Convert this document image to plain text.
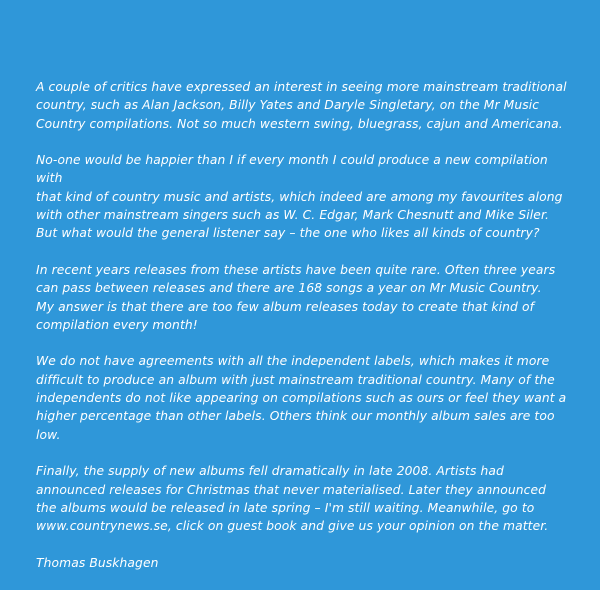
A couple of critics have expressed an interest in seeing more mainstream traditional
country, such as Alan Jackson, Billy Yates and Daryle Singletary, on the Mr Music
Country compilations. Not so much western swing, bluegrass, cajun and Americana.

No-one would be happier than I if every month I could produce a new compilation with
that kind of country music and artists, which indeed are among my favourites along
with other mainstream singers such as W. C. Edgar, Mark Chesnutt and Mike Siler.
But what would the general listener say – the one who likes all kinds of country?

In recent years releases from these artists have been quite rare. Often three years
can pass between releases and there are 168 songs a year on Mr Music Country.
My answer is that there are too few album releases today to create that kind of
compilation every month!

We do not have agreements with all the independent labels, which makes it more
difficult to produce an album with just mainstream traditional country. Many of the
independents do not like appearing on compilations such as ours or feel they want a
higher percentage than other labels. Others think our monthly album sales are too low.

Finally, the supply of new albums fell dramatically in late 2008. Artists had
announced releases for Christmas that never materialised. Later they announced
the albums would be released in late spring – I'm still waiting. Meanwhile, go to
www.countrynews.se, click on guest book and give us your opinion on the matter.

Thomas Buskhagen
